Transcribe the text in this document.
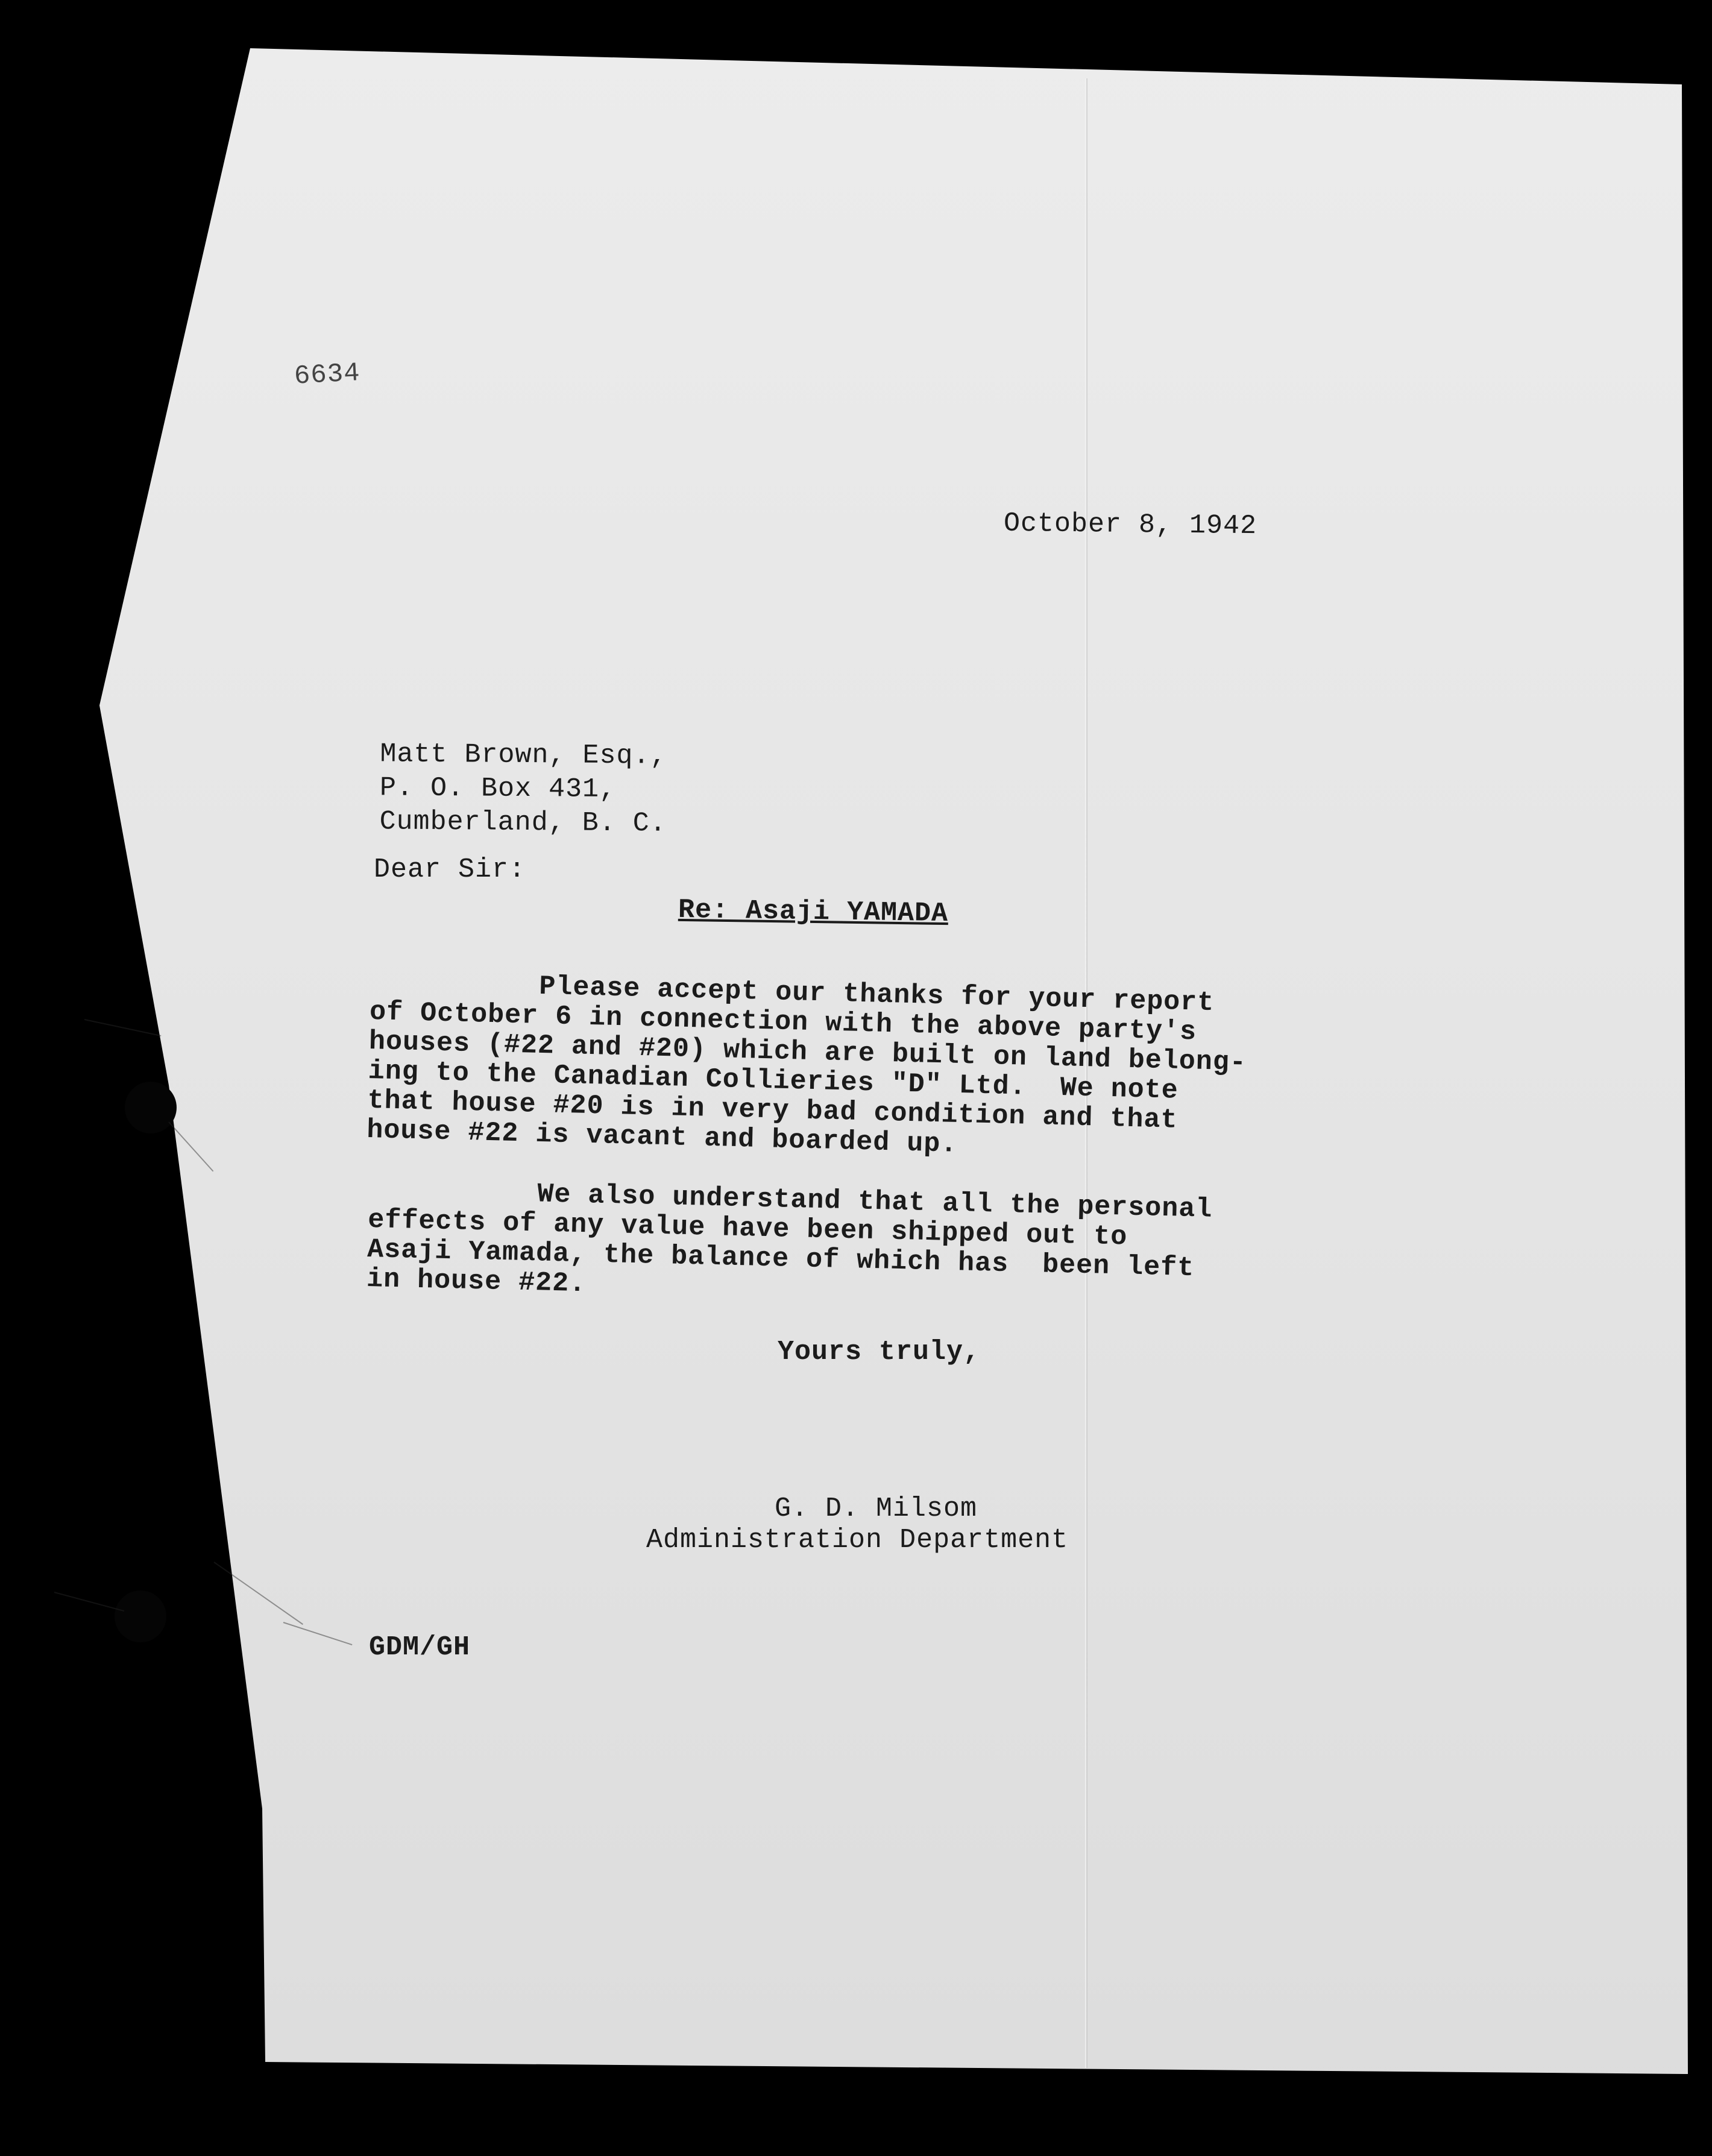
6634
October 8, 1942
Matt Brown, Esq.,
P. O. Box 431,
Cumberland, B. C.
Dear Sir:
Re: Asaji YAMADA
Please accept our thanks for your report
of October 6 in connection with the above party's
houses (#22 and #20) which are built on land belong-
ing to the Canadian Collieries "D" Ltd.  We note
that house #20 is in very bad condition and that
house #22 is vacant and boarded up.
We also understand that all the personal
effects of any value have been shipped out to
Asaji Yamada, the balance of which has  been left
in house #22.
Yours truly,
G. D. Milsom
Administration Department
GDM/GH
